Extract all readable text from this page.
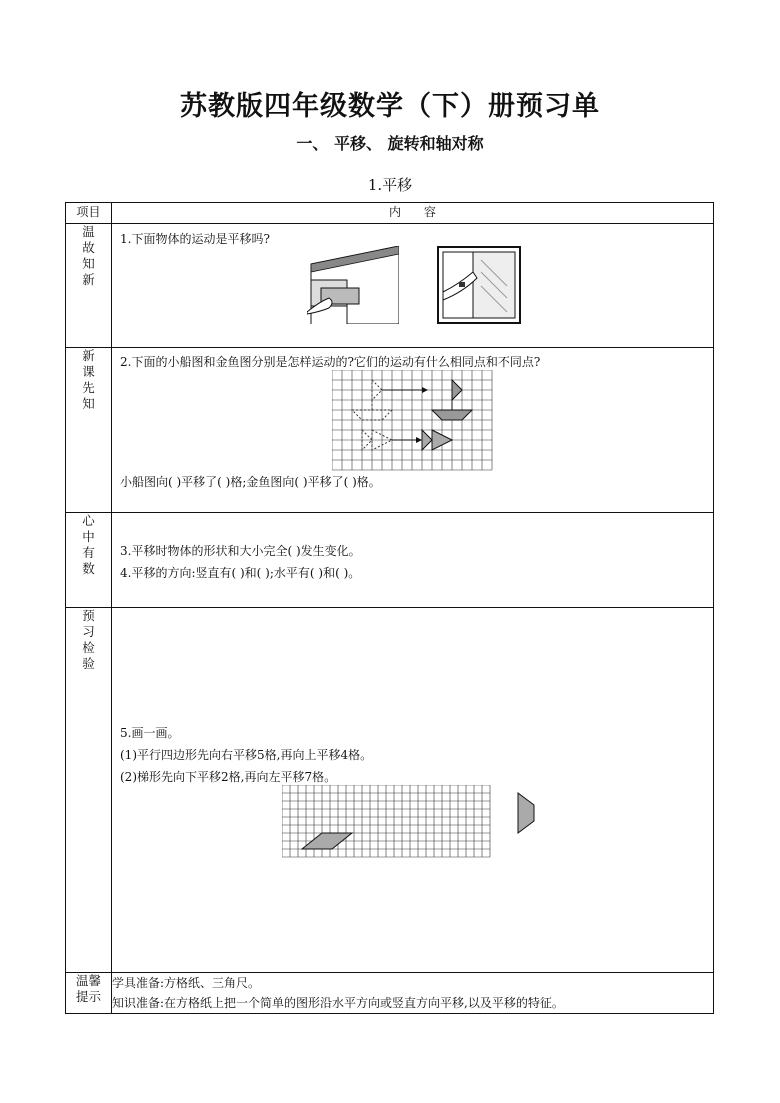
苏教版四年级数学（下）册预习单
一、 平移、 旋转和轴对称
1.平移
项目	内      容
温故知新	1.下面物体的运动是平移吗?

新课先知	2.下面的小船图和金鱼图分别是怎样运动的?它们的运动有什么相同点和不同点?
小船图向( )平移了( )格;金鱼图向( )平移了( )格。

心中有数	3.平移时物体的形状和大小完全( )发生变化。
4.平移的方向:竖直有( )和( );水平有( )和( )。

预习检验	5.画一画。
(1)平行四边形先向右平移5格,再向上平移4格。
(2)梯形先向下平移2格,再向左平移7格。

温馨提示	学具准备:方格纸、三角尺。
知识准备:在方格纸上把一个简单的图形沿水平方向或竖直方向平移,以及平移的特征。
